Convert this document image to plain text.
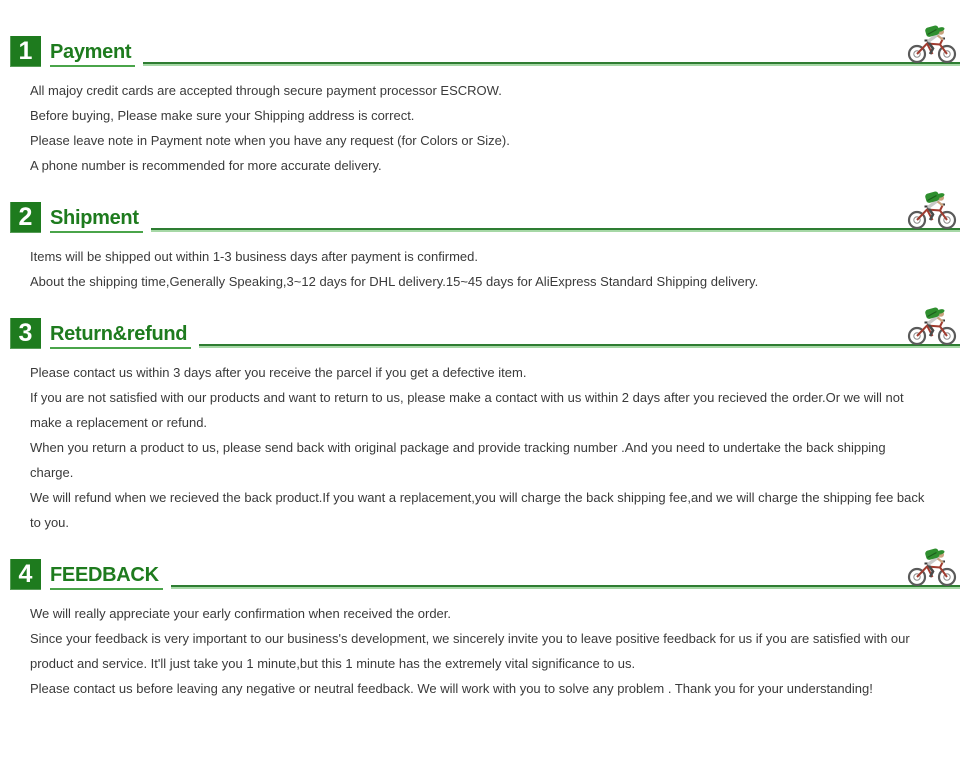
1 Payment

All majoy credit cards are accepted through secure payment processor ESCROW.

Before buying, Please make sure your Shipping address is correct.

Please leave note in Payment note when you have any request (for Colors or Size).

A phone number is recommended for more accurate delivery.

2 Shipment

Items will be shipped out within 1-3 business days after payment is confirmed.

About the shipping time,Generally Speaking,3~12 days for DHL delivery.15~45 days for AliExpress Standard Shipping delivery.

3 Return&refund

Please contact us within 3 days after you receive the parcel if you get a defective item.

If you are not satisfied with our products and want to return to us, please make a contact with us within 2 days after you recieved the order.Or we will not make a replacement or refund.

When you return a product to us, please send back with original package and provide tracking number .And you need to undertake the back shipping charge.

We will refund when we recieved the back product.If you want a replacement,you will charge the back shipping fee,and we will charge the shipping fee back to you.

4 FEEDBACK

We will really appreciate your early confirmation when received the order.

Since your feedback is very important to our business's development, we sincerely invite you to leave positive feedback for us if you are satisfied with our product and service. It'll just take you 1 minute,but this 1 minute has the extremely vital significance to us.

Please contact us before leaving any negative or neutral feedback. We will work with you to solve any problem . Thank you for your understanding!
